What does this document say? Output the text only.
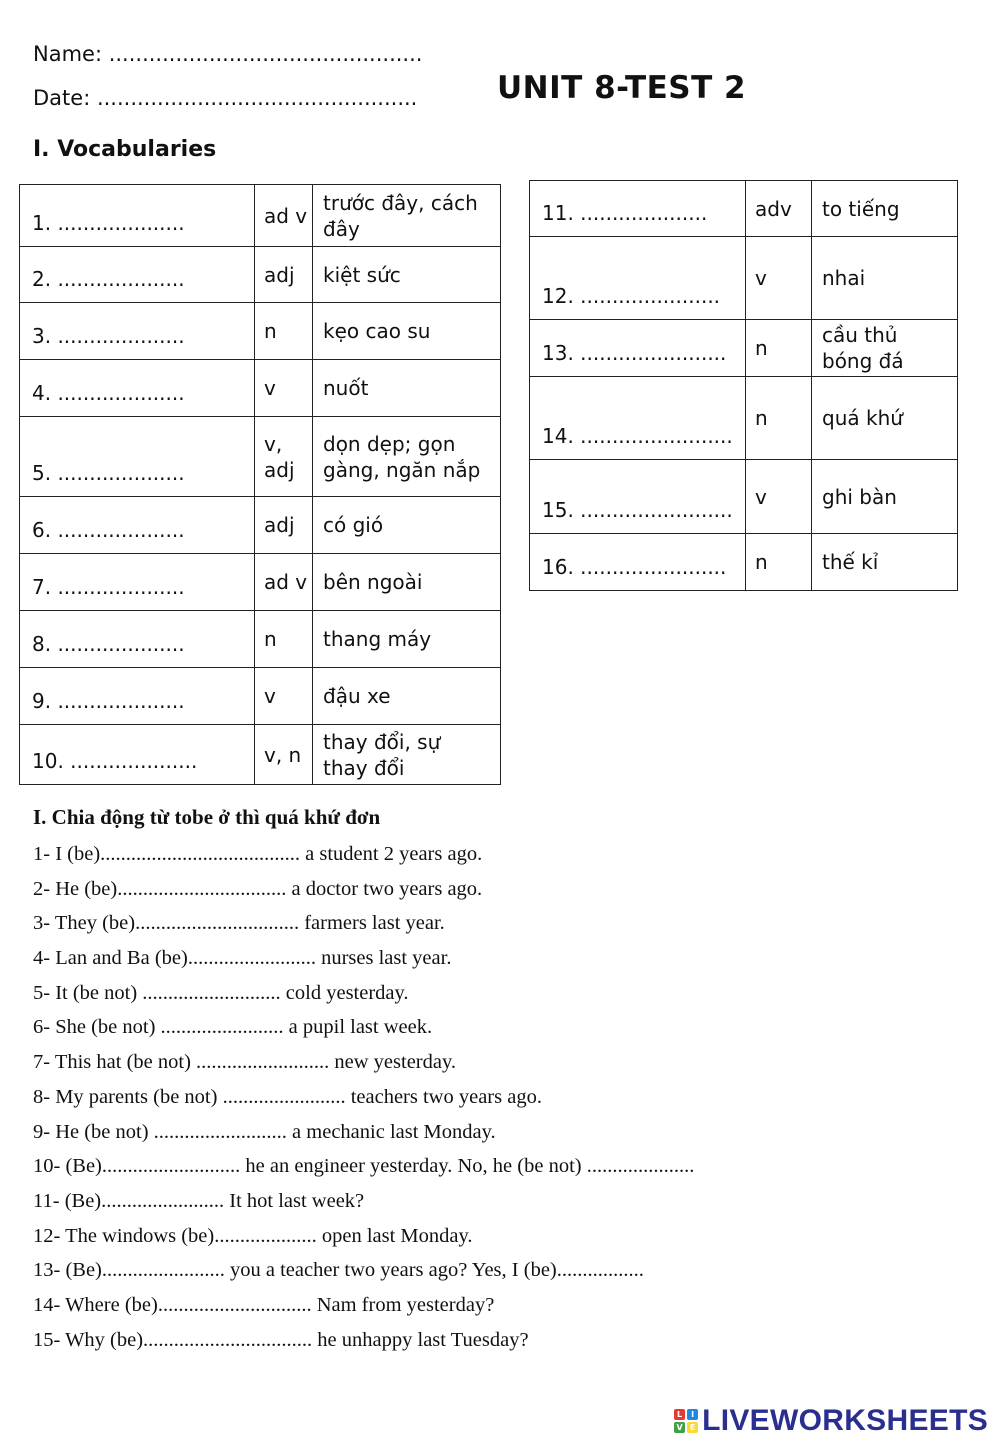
Name: ...............................................
Date: ................................................	UNIT 8-TEST 2
I. Vocabularies
1. ....................	ad v	trước đây, cách đây
2. ....................	adj	kiệt sức
3. ....................	n	kẹo cao su
4. ....................	v	nuốt
5. ....................	v, adj	dọn dẹp; gọn gàng, ngăn nắp
6. ....................	adj	có gió
7. ....................	ad v	bên ngoài
8. ....................	n	thang máy
9. ....................	v	đậu xe
10. ....................	v, n	thay đổi, sự thay đổi
11. ....................	adv	to tiếng
12. ......................	v	nhai
13. .......................	n	cầu thủ bóng đá
14. ........................	n	quá khứ
15. ........................	v	ghi bàn
16. .......................	n	thế kỉ
I. Chia động từ tobe ở thì quá khứ đơn
1- I (be)....................................... a student 2 years ago.
2- He (be)................................. a doctor two years ago.
3- They (be)................................ farmers last year.
4- Lan and Ba (be)......................... nurses last year.
5- It (be not) ........................... cold yesterday.
6- She (be not) ........................ a pupil last week.
7- This hat (be not) .......................... new yesterday.
8- My parents (be not) ........................ teachers two years ago.
9- He (be not) .......................... a mechanic last Monday.
10- (Be)........................... he an engineer yesterday. No, he (be not) .....................
11- (Be)........................ It hot last week?
12- The windows (be).................... open last Monday.
13- (Be)........................ you a teacher two years ago? Yes, I (be).................
14- Where (be).............................. Nam from yesterday?
15- Why (be)................................. he unhappy last Tuesday?
L	I
V E LIVEWORKSHEETS
